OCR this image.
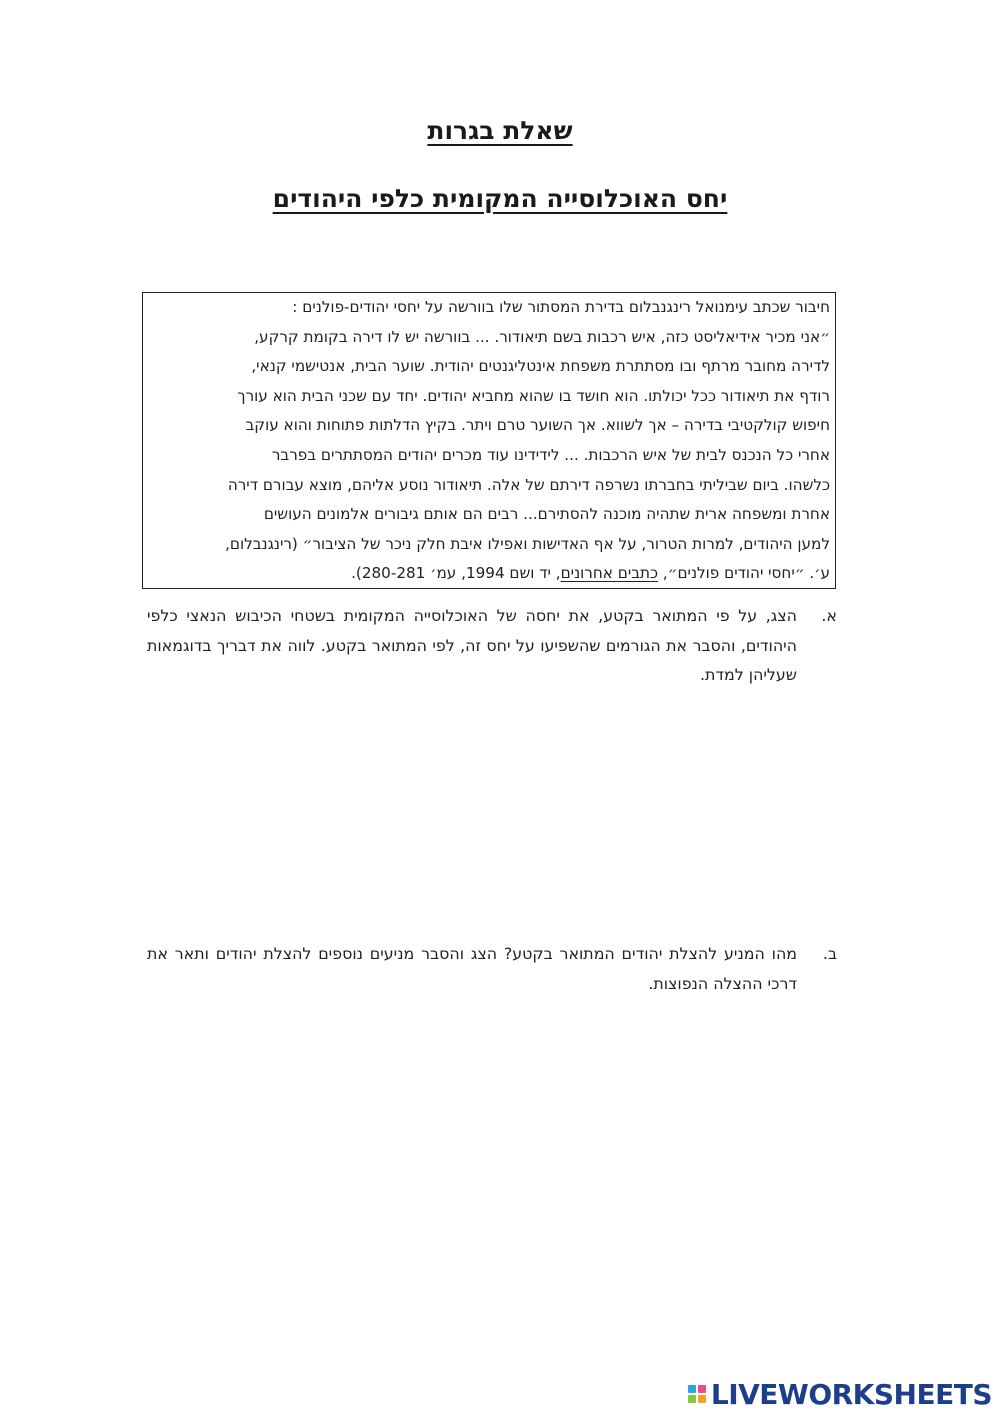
שאלת בגרות
יחס האוכלוסייה המקומית כלפי היהודים

חיבור שכתב עימנואל רינגנבלום בדירת המסתור שלו בוורשה על יחסי יהודים-פולנים :

״אני מכיר אידיאליסט כזה, איש רכבות בשם תיאודור. ... בוורשה יש לו דירה בקומת קרקע,

לדירה מחובר מרתף ובו מסתתרת משפחת אינטליגנטים יהודית. שוער הבית, אנטישמי קנאי,

רודף את תיאודור ככל יכולתו. הוא חושד בו שהוא מחביא יהודים. יחד עם שכני הבית הוא עורך

חיפוש קולקטיבי בדירה – אך לשווא. אך השוער טרם ויתר. בקיץ הדלתות פתוחות והוא עוקב

אחרי כל הנכנס לבית של איש הרכבות. ... לידידינו עוד מכרים יהודים המסתתרים בפרבר

כלשהו. ביום שביליתי בחברתו נשרפה דירתם של אלה. תיאודור נוסע אליהם, מוצא עבורם דירה

אחרת ומשפחה ארית שתהיה מוכנה להסתירם... רבים הם אותם גיבורים אלמונים העושים

למען היהודים, למרות הטרור, על אף האדישות ואפילו איבת חלק ניכר של הציבור״ (רינגנבלום,

ע׳. ״יחסי יהודים פולנים״, כתבים אחרונים, יד ושם 1994, עמ׳ 280-281).

א.
הצג, על פי המתואר בקטע, את יחסה של האוכלוסייה המקומית בשטחי הכיבוש הנאצי כלפי היהודים, והסבר את הגורמים שהשפיעו על יחס זה, לפי המתואר בקטע. לווה את דבריך בדוגמאות שעליהן למדת.
ב.
מהו המניע להצלת יהודים המתואר בקטע? הצג והסבר מניעים נוספים להצלת יהודים ותאר את דרכי ההצלה הנפוצות.
LIVEWORKSHEETS
